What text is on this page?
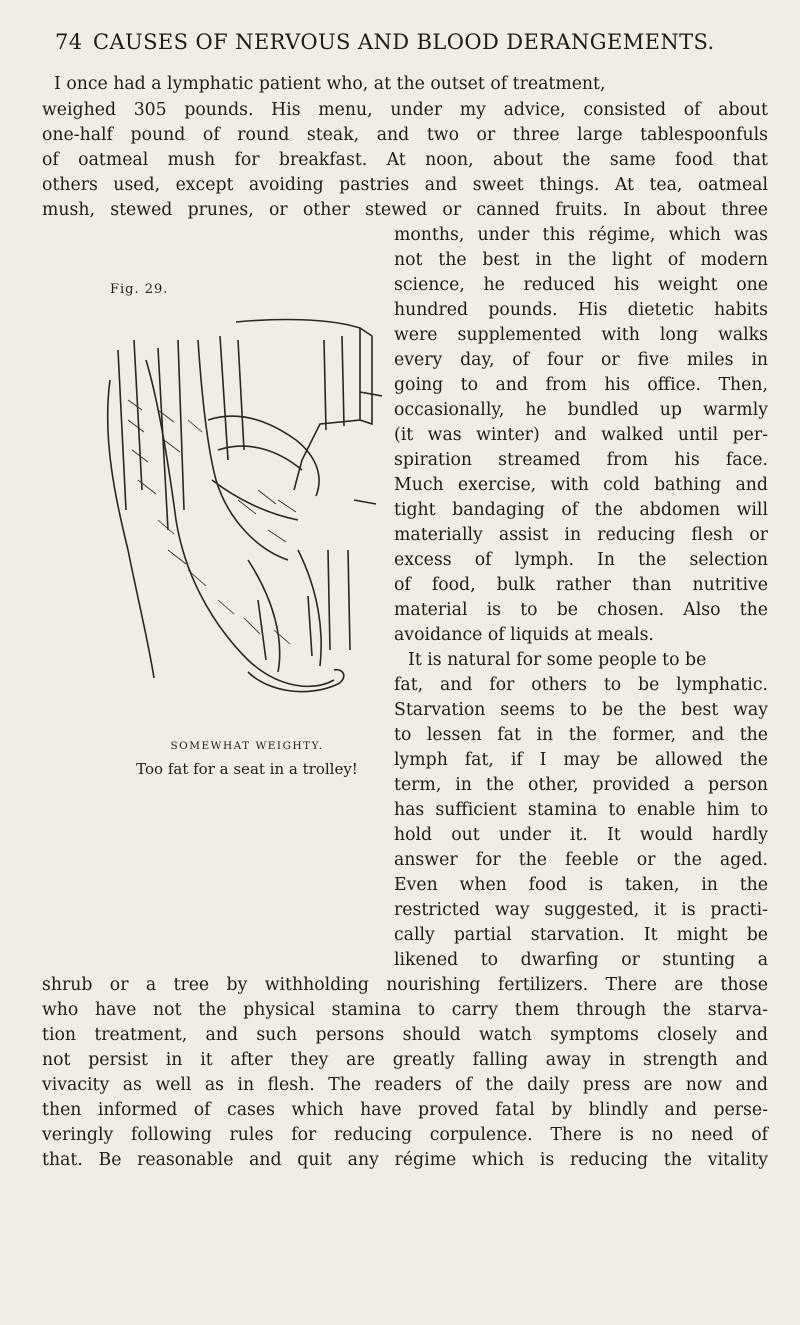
74 CAUSES OF NERVOUS AND BLOOD DERANGEMENTS.
Fig. 29.
SOMEWHAT WEIGHTY.
Too fat for a seat in a trolley!
I once had a lymphatic patient who, at the outset of treatment,
weighed 305 pounds. His menu, under my advice, consisted of about
one-half pound of round steak, and two or three large tablespoonfuls
of oatmeal mush for breakfast. At noon, about the same food that
others used, except avoiding pastries and sweet things. At tea, oatmeal
mush, stewed prunes, or other stewed or canned fruits. In about three
months, under this régime, which was
not the best in the light of modern
science, he reduced his weight one
hundred pounds. His dietetic habits
were supplemented with long walks
every day, of four or five miles in
going to and from his office. Then,
occasionally, he bundled up warmly
(it was winter) and walked until per-
spiration streamed from his face.
Much exercise, with cold bathing and
tight bandaging of the abdomen will
materially assist in reducing flesh or
excess of lymph. In the selection
of food, bulk rather than nutritive
material is to be chosen. Also the
avoidance of liquids at meals.
It is natural for some people to be
fat, and for others to be lymphatic.
Starvation seems to be the best way
to lessen fat in the former, and the
lymph fat, if I may be allowed the
term, in the other, provided a person
has sufficient stamina to enable him to
hold out under it. It would hardly
answer for the feeble or the aged.
Even when food is taken, in the
restricted way suggested, it is practi-
cally partial starvation. It might be
likened to dwarfing or stunting a
shrub or a tree by withholding nourishing fertilizers. There are those
who have not the physical stamina to carry them through the starva-
tion treatment, and such persons should watch symptoms closely and
not persist in it after they are greatly falling away in strength and
vivacity as well as in flesh. The readers of the daily press are now and
then informed of cases which have proved fatal by blindly and perse-
veringly following rules for reducing corpulence. There is no need of
that. Be reasonable and quit any régime which is reducing the vitality
